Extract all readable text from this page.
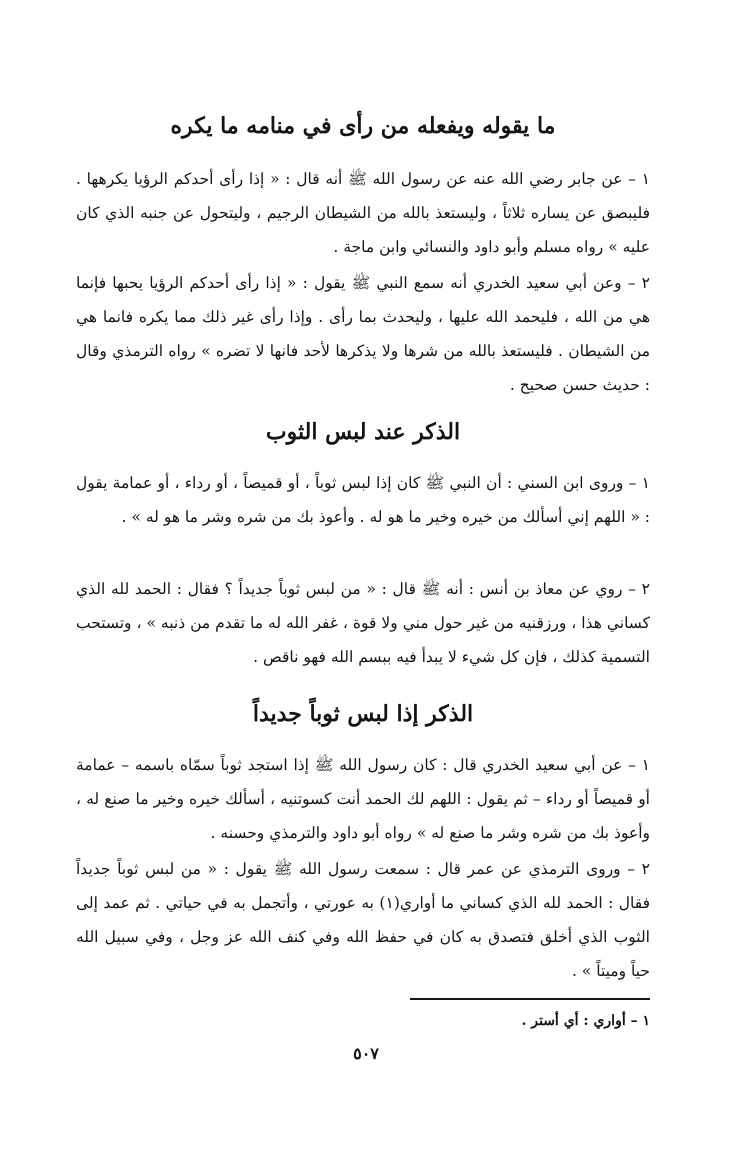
ما يقوله ويفعله من رأى في منامه ما يكره
١ – عن جابر رضي الله عنه عن رسول الله ﷺ أنه قال : « إذا رأى أحدكم الرؤيا يكرهها . فليبصق عن يساره ثلاثاً ، وليستعذ بالله من الشيطان الرجيم ، وليتحول عن جنبه الذي كان عليه » رواه مسلم وأبو داود والنسائي وابن ماجة .
٢ – وعن أبي سعيد الخدري أنه سمع النبي ﷺ يقول : « إذا رأى أحدكم الرؤيا يحبها فإنما هي من الله ، فليحمد الله عليها ، وليحدث بما رأى . وإذا رأى غير ذلك مما يكره فانما هي من الشيطان . فليستعذ بالله من شرها ولا يذكرها لأحد فانها لا تضره » رواه الترمذي وقال : حديث حسن صحيح .
الذكر عند لبس الثوب
١ – وروى ابن السني : أن النبي ﷺ كان إذا لبس ثوباً ، أو قميصاً ، أو رداء ، أو عمامة يقول : « اللهم إني أسألك من خيره وخير ما هو له . وأعوذ بك من شره وشر ما هو له » .
٢ – روي عن معاذ بن أنس : أنه ﷺ قال : « من لبس ثوباً جديداً ؟ فقال : الحمد لله الذي كساني هذا ، ورزقنيه من غير حول مني ولا قوة ، غفر الله له ما تقدم من ذنبه » ، وتستحب التسمية كذلك ، فإن كل شيء لا يبدأ فيه ببسم الله فهو ناقص .
الذكر إذا لبس ثوباً جديداً
١ – عن أبي سعيد الخدري قال : كان رسول الله ﷺ إذا استجد ثوباً سمّاه باسمه – عمامة أو قميصاً أو رداء – ثم يقول : اللهم لك الحمد أنت كسوتنيه ، أسألك خيره وخير ما صنع له ، وأعوذ بك من شره وشر ما صنع له » رواه أبو داود والترمذي وحسنه .
٢ – وروى الترمذي عن عمر قال : سمعت رسول الله ﷺ يقول : « من لبس ثوباً جديداً فقال : الحمد لله الذي كساني ما أواري(١) به عورتي ، وأتجمل به في حياتي . ثم عمد إلى الثوب الذي أخلق فتصدق به كان في حفظ الله وفي كنف الله عز وجل ، وفي سبيل الله حياً وميتاً » .
١ – أواري : أي أستر .
٥٠٧
